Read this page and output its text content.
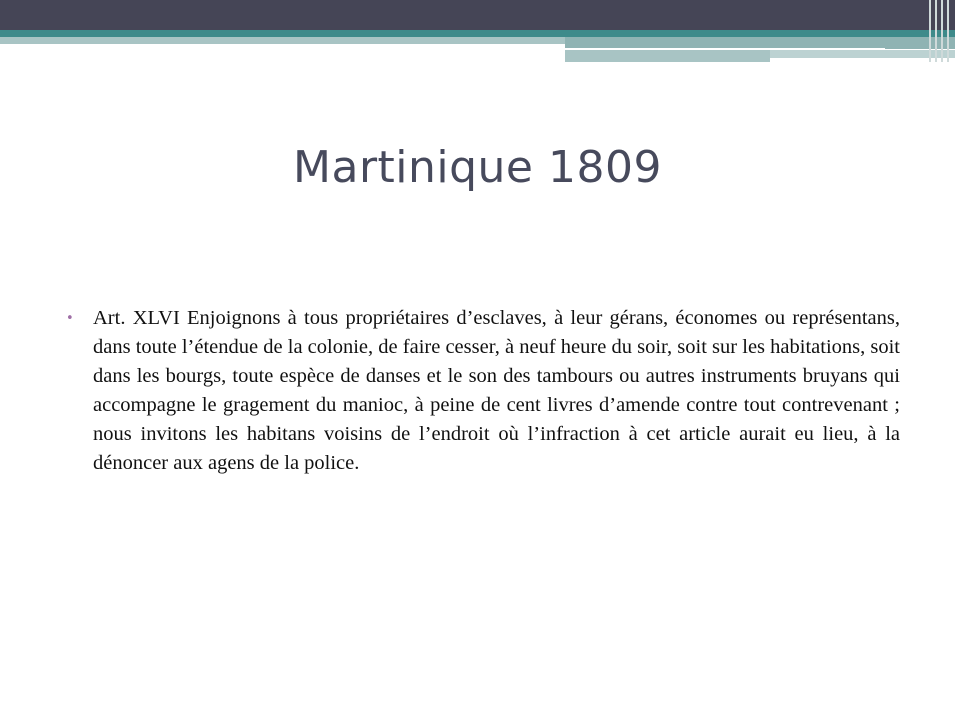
Martinique 1809
• Art. XLVI Enjoignons à tous propriétaires d’esclaves, à leur gérans, économes ou représentans, dans toute l’étendue de la colonie, de faire cesser, à neuf heure du soir, soit sur les habitations, soit dans les bourgs, toute espèce de danses et le son des tambours ou autres instruments bruyans qui accompagne le gragement du manioc, à peine de cent livres d’amende contre tout contrevenant ; nous invitons les habitans voisins de l’endroit où l’infraction à cet article aurait eu lieu, à la dénoncer aux agens de la police.
